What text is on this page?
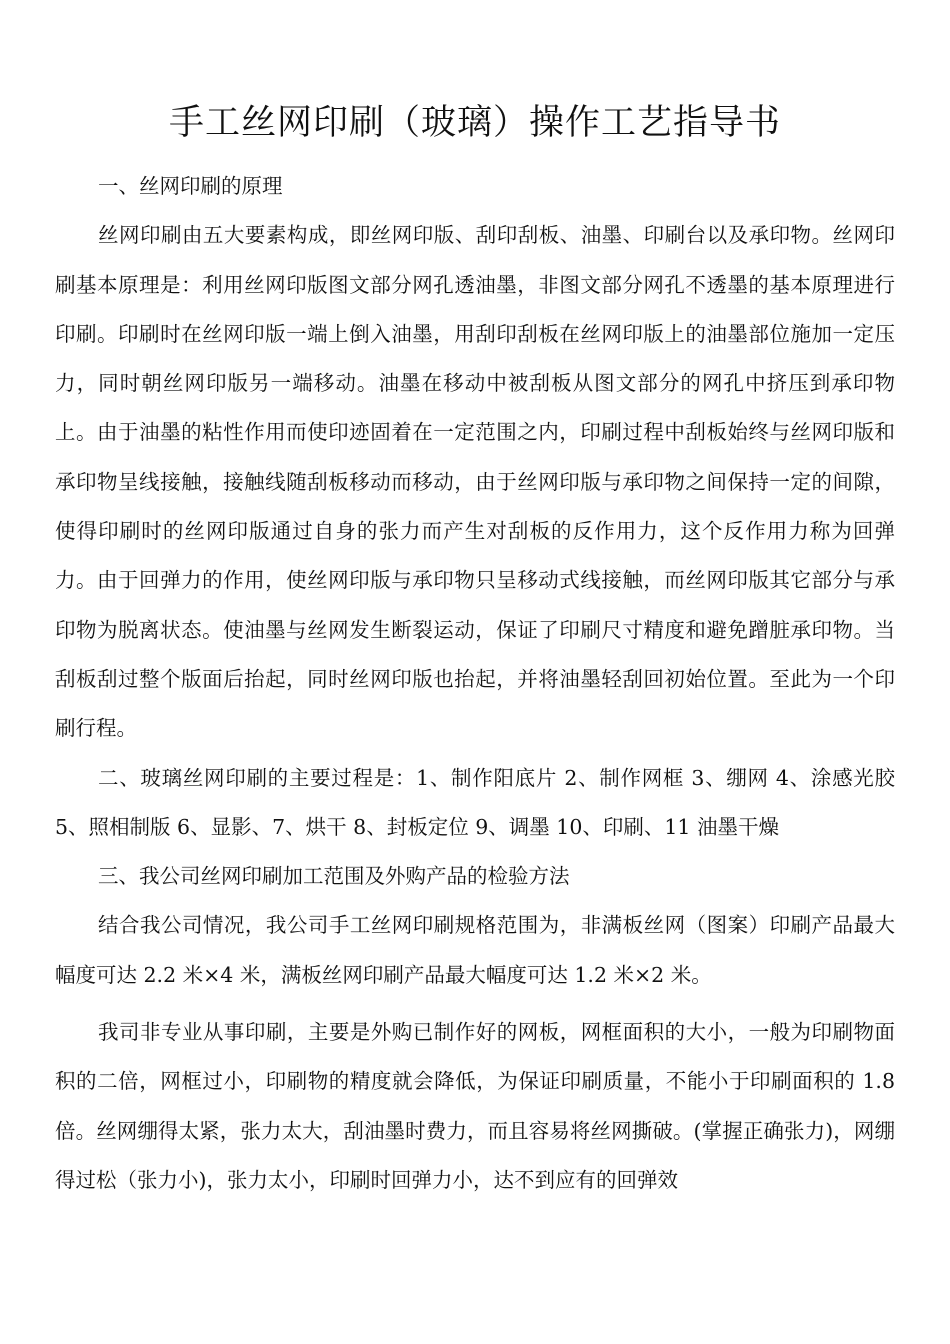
手工丝网印刷（玻璃）操作工艺指导书

一、丝网印刷的原理

丝网印刷由五大要素构成，即丝网印版、刮印刮板、油墨、印刷台以及承印物。丝网印刷基本原理是：利用丝网印版图文部分网孔透油墨，非图文部分网孔不透墨的基本原理进行印刷。印刷时在丝网印版一端上倒入油墨，用刮印刮板在丝网印版上的油墨部位施加一定压力，同时朝丝网印版另一端移动。油墨在移动中被刮板从图文部分的网孔中挤压到承印物上。由于油墨的粘性作用而使印迹固着在一定范围之内，印刷过程中刮板始终与丝网印版和承印物呈线接触，接触线随刮板移动而移动，由于丝网印版与承印物之间保持一定的间隙，使得印刷时的丝网印版通过自身的张力而产生对刮板的反作用力，这个反作用力称为回弹力。由于回弹力的作用，使丝网印版与承印物只呈移动式线接触，而丝网印版其它部分与承印物为脱离状态。使油墨与丝网发生断裂运动，保证了印刷尺寸精度和避免蹭脏承印物。当刮板刮过整个版面后抬起，同时丝网印版也抬起，并将油墨轻刮回初始位置。至此为一个印刷行程。

二、玻璃丝网印刷的主要过程是：1、制作阳底片 2、制作网框 3、绷网 4、涂感光胶 5、照相制版 6、显影、7、烘干 8、封板定位 9、调墨 10、印刷、11 油墨干燥

三、我公司丝网印刷加工范围及外购产品的检验方法

结合我公司情况，我公司手工丝网印刷规格范围为，非满板丝网（图案）印刷产品最大幅度可达 2.2 米×4 米，满板丝网印刷产品最大幅度可达 1.2 米×2 米。

我司非专业从事印刷，主要是外购已制作好的网板，网框面积的大小，一般为印刷物面积的二倍，网框过小，印刷物的精度就会降低，为保证印刷质量，不能小于印刷面积的 1.8 倍。丝网绷得太紧，张力太大，刮油墨时费力，而且容易将丝网撕破。(掌握正确张力)，网绷得过松（张力小)，张力太小，印刷时回弹力小，达不到应有的回弹效
